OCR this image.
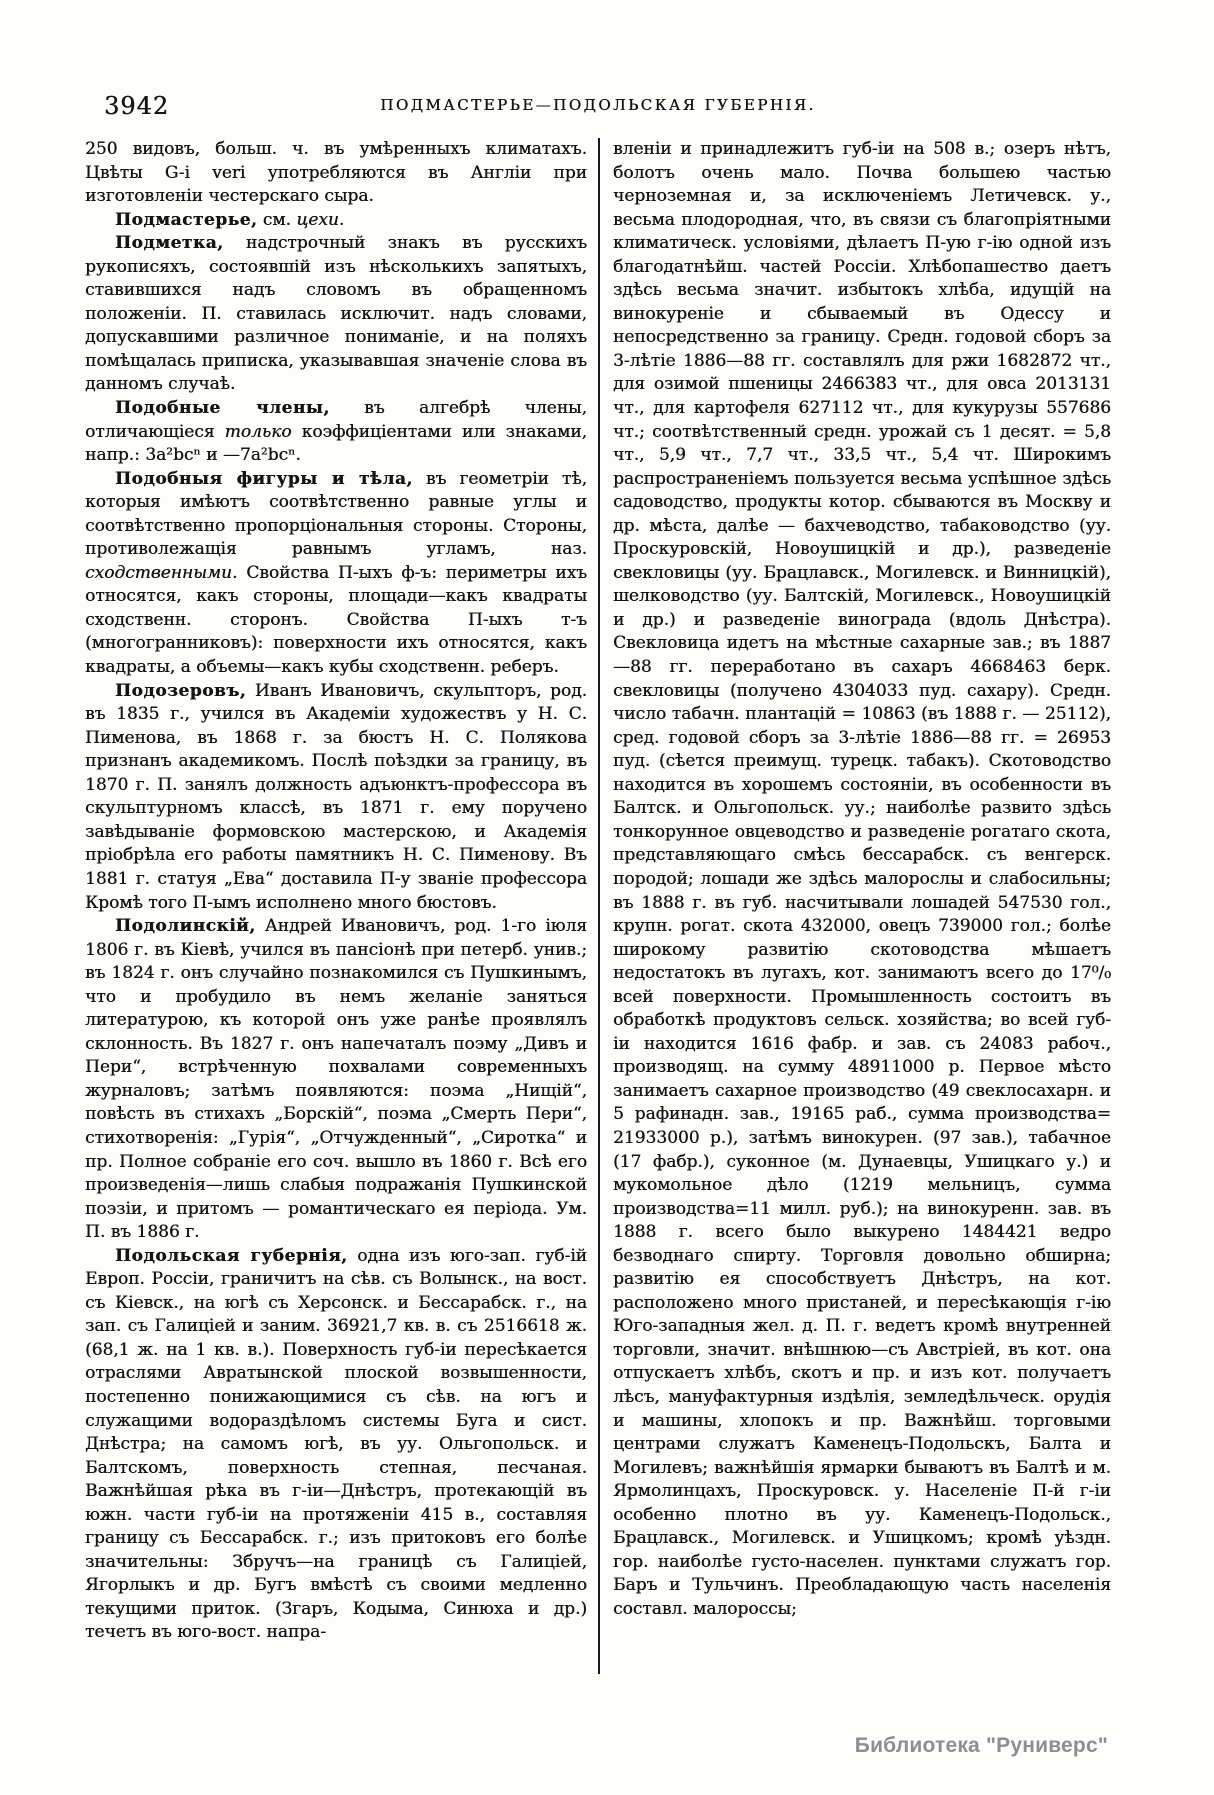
3942	ПОДМАСТЕРЬЕ—ПОДОЛЬСКАЯ ГУБЕРНІЯ.

250 видовъ, больш. ч. въ умѣренныхъ климатахъ. Цвѣты G-i veri употребляются въ Англіи при изготовленіи честерскаго сыра.

Подмастерье, см. цехи.

Подметка, надстрочный знакъ въ русскихъ рукописяхъ, состоявшій изъ нѣсколькихъ запятыхъ, ставившихся надъ словомъ въ обращенномъ положеніи. П. ставилась исключит. надъ словами, допускавшими различное пониманіе, и на поляхъ помѣщалась приписка, указывавшая значеніе слова въ данномъ случаѣ.

Подобные члены, въ алгебрѣ члены, отличающіеся только коэффиціентами или знаками, напр.: 3a²bcⁿ и —7a²bcⁿ.

Подобныя фигуры и тѣла, въ геометріи тѣ, которыя имѣютъ соотвѣтственно равные углы и соотвѣтственно пропорціональныя стороны. Стороны, противолежащія равнымъ угламъ, наз. сходственными. Свойства П-ыхъ ф-ъ: периметры ихъ относятся, какъ стороны, площади—какъ квадраты сходственн. сторонъ. Свойства П-ыхъ т-ъ (многогранниковъ): поверхности ихъ относятся, какъ квадраты, а объемы—какъ кубы сходственн. реберъ.

Подозеровъ, Иванъ Ивановичъ, скульпторъ, род. въ 1835 г., учился въ Академіи художествъ у Н. С. Пименова, въ 1868 г. за бюстъ Н. С. Полякова признанъ академикомъ. Послѣ поѣздки за границу, въ 1870 г. П. занялъ должность адъюнктъ-профессора въ скульптурномъ классѣ, въ 1871 г. ему поручено завѣдываніе формовскою мастерскою, и Академія пріобрѣла его работы памятникъ Н. С. Пименову. Въ 1881 г. статуя „Ева“ доставила П-у званіе профессора Кромѣ того П-ымъ исполнено много бюстовъ.

Подолинскій, Андрей Ивановичъ, род. 1-го іюля 1806 г. въ Кіевѣ, учился въ пансіонѣ при петерб. унив.; въ 1824 г. онъ случайно познакомился съ Пушкинымъ, что и пробудило въ немъ желаніе заняться литературою, къ которой онъ уже ранѣе проявлялъ склонность. Въ 1827 г. онъ напечаталъ поэму „Дивъ и Пери“, встрѣченную похвалами современныхъ журналовъ; затѣмъ появляются: поэма „Нищій“, повѣсть въ стихахъ „Борскій“, поэма „Смерть Пери“, стихотворенія: „Гурія“, „Отчужденный“, „Сиротка“ и пр. Полное собраніе его соч. вышло въ 1860 г. Всѣ его произведенія—лишь слабыя подражанія Пушкинской поэзіи, и притомъ — романтическаго ея періода. Ум. П. въ 1886 г.

Подольская губернія, одна изъ юго-зап. губ-ій Европ. Россіи, граничитъ на сѣв. съ Волынск., на вост. съ Кіевск., на югѣ съ Херсонск. и Бессарабск. г., на зап. съ Галиціей и заним. 36921,7 кв. в. съ 2516618 ж. (68,1 ж. на 1 кв. в.). Поверхность губ-іи пересѣкается отраслями Авратынской плоской возвышенности, постепенно понижающимися съ сѣв. на югъ и служащими водораздѣломъ системы Буга и сист. Днѣстра; на самомъ югѣ, въ уу. Ольгопольск. и Балтскомъ, поверхность степная, песчаная. Важнѣйшая рѣка въ г-іи—Днѣстръ, протекающій въ южн. части губ-іи на протяженіи 415 в., составляя границу съ Бессарабск. г.; изъ притоковъ его болѣе значительны: Збручъ—на границѣ съ Галиціей, Ягорлыкъ и др. Бугъ вмѣстѣ съ своими медленно текущими приток. (Згаръ, Кодыма, Синюха и др.) течетъ въ юго-вост. напра-

вленіи и принадлежитъ губ-іи на 508 в.; озеръ нѣтъ, болотъ очень мало. Почва большею частью черноземная и, за исключеніемъ Летичевск. у., весьма плодородная, что, въ связи съ благопріятными климатическ. условіями, дѣлаетъ П-ую г-ію одной изъ благодатнѣйш. частей Россіи. Хлѣбопашество даетъ здѣсь весьма значит. избытокъ хлѣба, идущій на винокуреніе и сбываемый въ Одессу и непосредственно за границу. Средн. годовой сборъ за 3-лѣтіе 1886—88 гг. составлялъ для ржи 1682872 чт., для озимой пшеницы 2466383 чт., для овса 2013131 чт., для картофеля 627112 чт., для кукурузы 557686 чт.; соотвѣтственный средн. урожай съ 1 десят. = 5,8 чт., 5,9 чт., 7,7 чт., 33,5 чт., 5,4 чт. Широкимъ распространеніемъ пользуется весьма успѣшное здѣсь садоводство, продукты котор. сбываются въ Москву и др. мѣста, далѣе — бахчеводство, табаководство (уу. Проскуровскій, Новоушицкій и др.), разведеніе свекловицы (уу. Брацлавск., Могилевск. и Винницкій), шелководство (уу. Балтскій, Могилевск., Новоушицкій и др.) и разведеніе винограда (вдоль Днѣстра). Свекловица идетъ на мѣстные сахарные зав.; въ 1887—88 гг. переработано въ сахаръ 4668463 берк. свекловицы (получено 4304033 пуд. сахару). Средн. число табачн. плантацій = 10863 (въ 1888 г. — 25112), сред. годовой сборъ за 3-лѣтіе 1886—88 гг. = 26953 пуд. (сѣется преимущ. турецк. табакъ). Скотоводство находится въ хорошемъ состояніи, въ особенности въ Балтск. и Ольгопольск. уу.; наиболѣе развито здѣсь тонкорунное овцеводство и разведеніе рогатаго скота, представляющаго смѣсь бессарабск. съ венгерск. породой; лошади же здѣсь малорослы и слабосильны; въ 1888 г. въ губ. насчитывали лошадей 547530 гол., крупн. рогат. скота 432000, овецъ 739000 гол.; болѣе широкому развитію скотоводства мѣшаетъ недостатокъ въ лугахъ, кот. занимаютъ всего до 17⁰/₀ всей поверхности. Промышленность состоитъ въ обработкѣ продуктовъ сельск. хозяйства; во всей губ-іи находится 1616 фабр. и зав. съ 24083 рабоч., производящ. на сумму 48911000 р. Первое мѣсто занимаетъ сахарное производство (49 свеклосахарн. и 5 рафинадн. зав., 19165 раб., сумма производства= 21933000 р.), затѣмъ винокурен. (97 зав.), табачное (17 фабр.), суконное (м. Дунаевцы, Ушицкаго у.) и мукомольное дѣло (1219 мельницъ, сумма производства=11 милл. руб.); на винокуренн. зав. въ 1888 г. всего было выкурено 1484421 ведро безводнаго спирту. Торговля довольно обширна; развитію ея способствуетъ Днѣстръ, на кот. расположено много пристаней, и пересѣкающія г-ію Юго-западныя жел. д. П. г. ведетъ кромѣ внутренней торговли, значит. внѣшнюю—съ Австріей, въ кот. она отпускаетъ хлѣбъ, скотъ и пр. и изъ кот. получаетъ лѣсъ, мануфактурныя издѣлія, земледѣльческ. орудія и машины, хлопокъ и пр. Важнѣйш. торговыми центрами служатъ Каменецъ-Подольскъ, Балта и Могилевъ; важнѣйшія ярмарки бываютъ въ Балтѣ и м. Ярмолинцахъ, Проскуровск. у. Населеніе П-й г-іи особенно плотно въ уу. Каменецъ-Подольск., Брацлавск., Могилевск. и Ушицкомъ; кромѣ уѣздн. гор. наиболѣе густо-населен. пунктами служатъ гор. Баръ и Тульчинъ. Преобладающую часть населенія составл. малороссы;

Библиотека "Руниверс"
